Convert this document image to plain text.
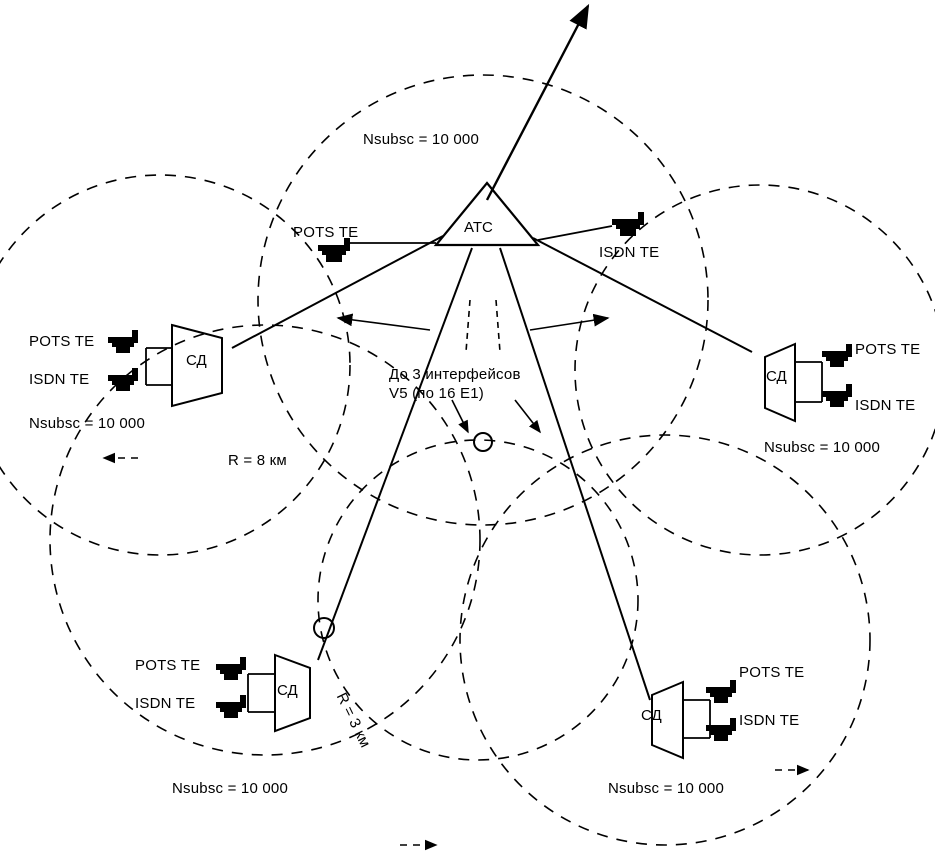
АТС
Nsubsc = 10 000
POTS TE
ISDN TE
POTS TE
ISDN TE
СД
Nsubsc = 10 000
POTS TE
ISDN TE
СД
Nsubsc = 10 000
До 3 интерфейсов
V5 (по 16 E1)
R = 8 км
R = 3 км
POTS TE
ISDN TE
СД
Nsubsc = 10 000
POTS TE
ISDN TE
СД
Nsubsc = 10 000
